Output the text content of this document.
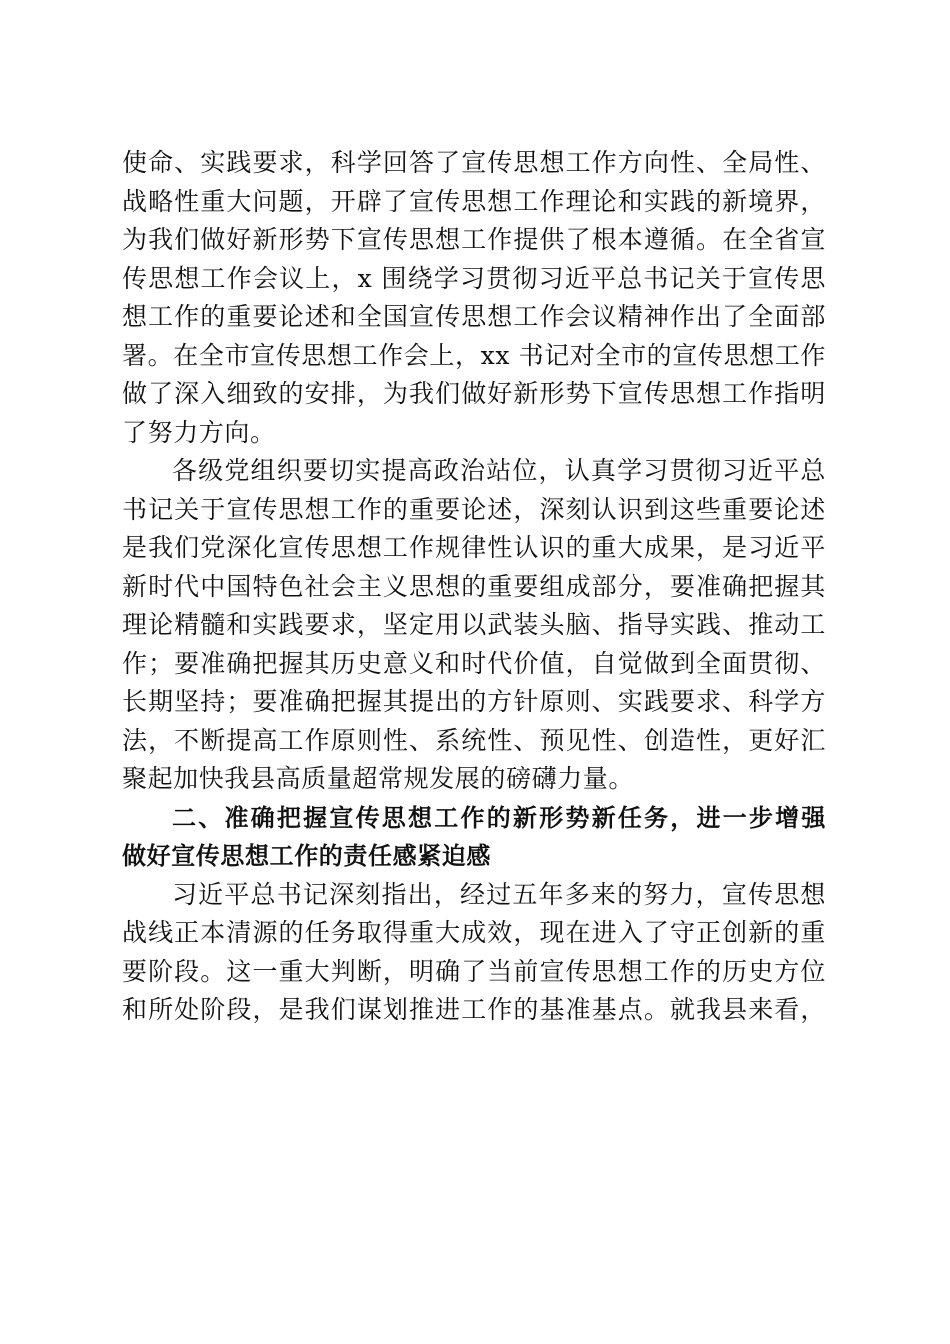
使命、实践要求，科学回答了宣传思想工作方向性、全局性、
战略性重大问题，开辟了宣传思想工作理论和实践的新境界，
为我们做好新形势下宣传思想工作提供了根本遵循。在全省宣
传思想工作会议上，x 围绕学习贯彻习近平总书记关于宣传思
想工作的重要论述和全国宣传思想工作会议精神作出了全面部
署。在全市宣传思想工作会上，xx 书记对全市的宣传思想工作
做了深入细致的安排，为我们做好新形势下宣传思想工作指明
了努力方向。
各级党组织要切实提高政治站位，认真学习贯彻习近平总
书记关于宣传思想工作的重要论述，深刻认识到这些重要论述
是我们党深化宣传思想工作规律性认识的重大成果，是习近平
新时代中国特色社会主义思想的重要组成部分，要准确把握其
理论精髓和实践要求，坚定用以武装头脑、指导实践、推动工
作；要准确把握其历史意义和时代价值，自觉做到全面贯彻、
长期坚持；要准确把握其提出的方针原则、实践要求、科学方
法，不断提高工作原则性、系统性、预见性、创造性，更好汇
聚起加快我县高质量超常规发展的磅礴力量。
二、准确把握宣传思想工作的新形势新任务，进一步增强
做好宣传思想工作的责任感紧迫感
习近平总书记深刻指出，经过五年多来的努力，宣传思想
战线正本清源的任务取得重大成效，现在进入了守正创新的重
要阶段。这一重大判断，明确了当前宣传思想工作的历史方位
和所处阶段，是我们谋划推进工作的基准基点。就我县来看，
